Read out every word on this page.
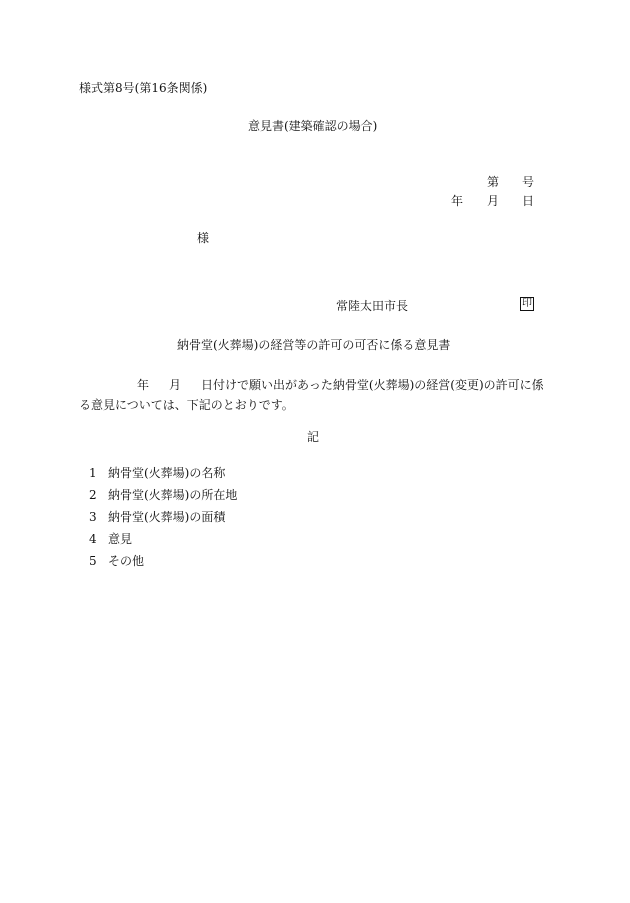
様式第8号(第16条関係)
意見書(建築確認の場合)
第 号
年 月 日
様
常陸太田市長	印
納骨堂(火葬場)の経営等の許可の可否に係る意見書
年 月 日付けで願い出があった納骨堂(火葬場)の経営(変更)の許可に係
る意見については、下記のとおりです。
記
1 納骨堂(火葬場)の名称
2 納骨堂(火葬場)の所在地
3 納骨堂(火葬場)の面積
4 意見
5 その他
